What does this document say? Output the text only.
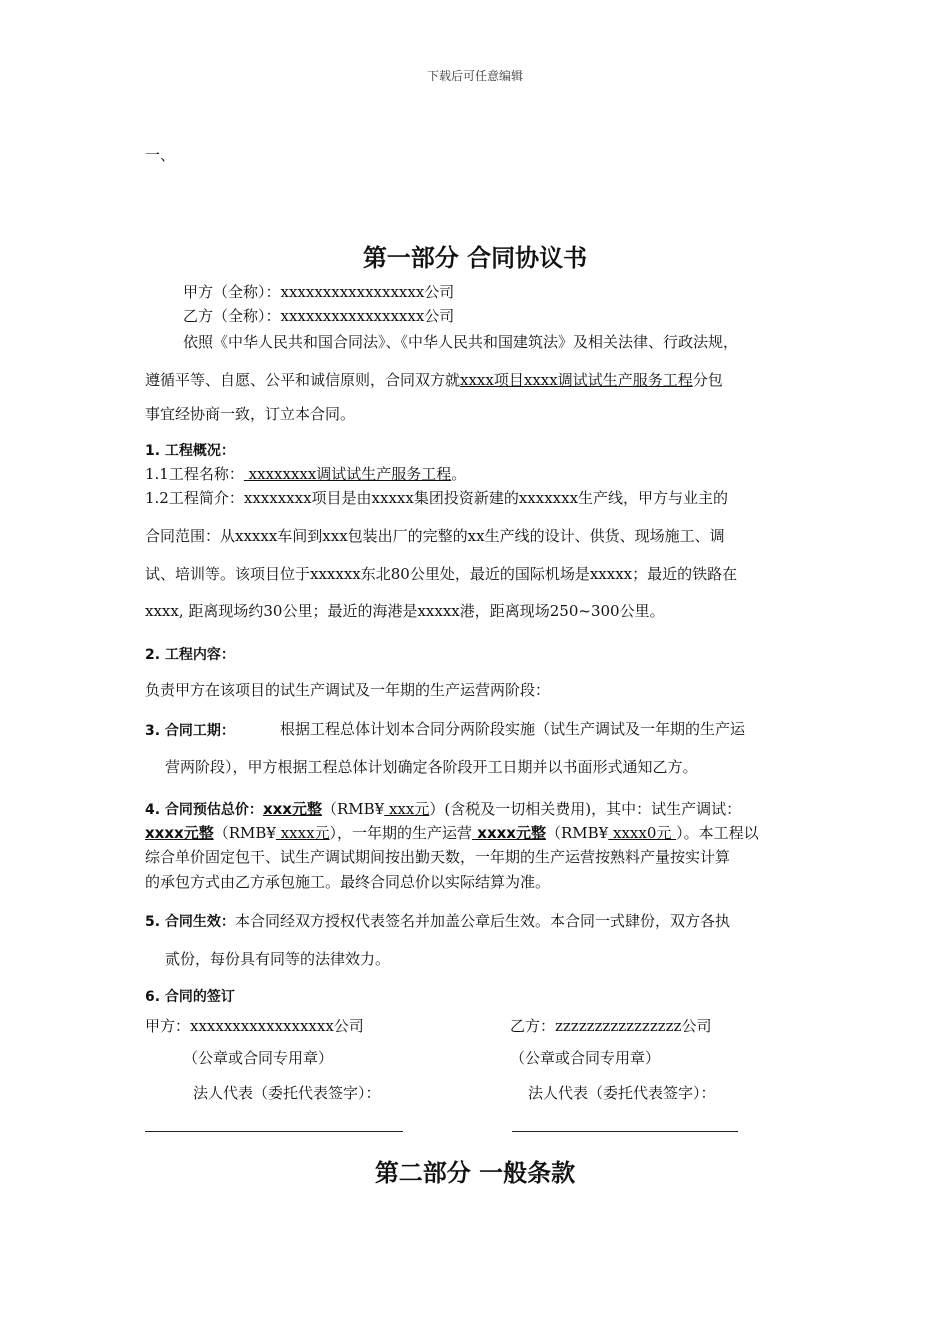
下载后可任意编辑
一、
第一部分 合同协议书
甲方（全称）：xxxxxxxxxxxxxxxxx公司
乙方（全称）：xxxxxxxxxxxxxxxxx公司
依照《中华人民共和国合同法》、《中华人民共和国建筑法》及相关法律、行政法规，
遵循平等、自愿、公平和诚信原则，合同双方就xxxx项目xxxx调试试生产服务工程分包
事宜经协商一致，订立本合同。
1. 工程概况：
1.1工程名称： xxxxxxxx调试试生产服务工程。
1.2工程简介：xxxxxxxx项目是由xxxxx集团投资新建的xxxxxxx生产线，甲方与业主的
合同范围：从xxxxx车间到xxx包装出厂的完整的xx生产线的设计、供货、现场施工、调
试、培训等。该项目位于xxxxxx东北80公里处，最近的国际机场是xxxxx；最近的铁路在
xxxx, 距离现场约30公里；最近的海港是xxxxx港，距离现场250~300公里。
2. 工程内容：
负责甲方在该项目的试生产调试及一年期的生产运营两阶段：
3. 合同工期：	根据工程总体计划本合同分两阶段实施（试生产调试及一年期的生产运
营两阶段），甲方根据工程总体计划确定各阶段开工日期并以书面形式通知乙方。
4. 合同预估总价：xxx元整（RMB¥ xxx元）(含税及一切相关费用)，其中：试生产调试：
xxxx元整（RMB¥ xxxx元），一年期的生产运营 xxxx元整（RMB¥ xxxx0元 ）。本工程以
综合单价固定包干、试生产调试期间按出勤天数，一年期的生产运营按熟料产量按实计算
的承包方式由乙方承包施工。最终合同总价以实际结算为准。
5. 合同生效：本合同经双方授权代表签名并加盖公章后生效。本合同一式肆份，双方各执
贰份，每份具有同等的法律效力。
6. 合同的签订
甲方：xxxxxxxxxxxxxxxxx公司	乙方：zzzzzzzzzzzzzzzz公司
（公章或合同专用章）	（公章或合同专用章）
法人代表（委托代表签字）：	法人代表（委托代表签字）：
第二部分 一般条款
